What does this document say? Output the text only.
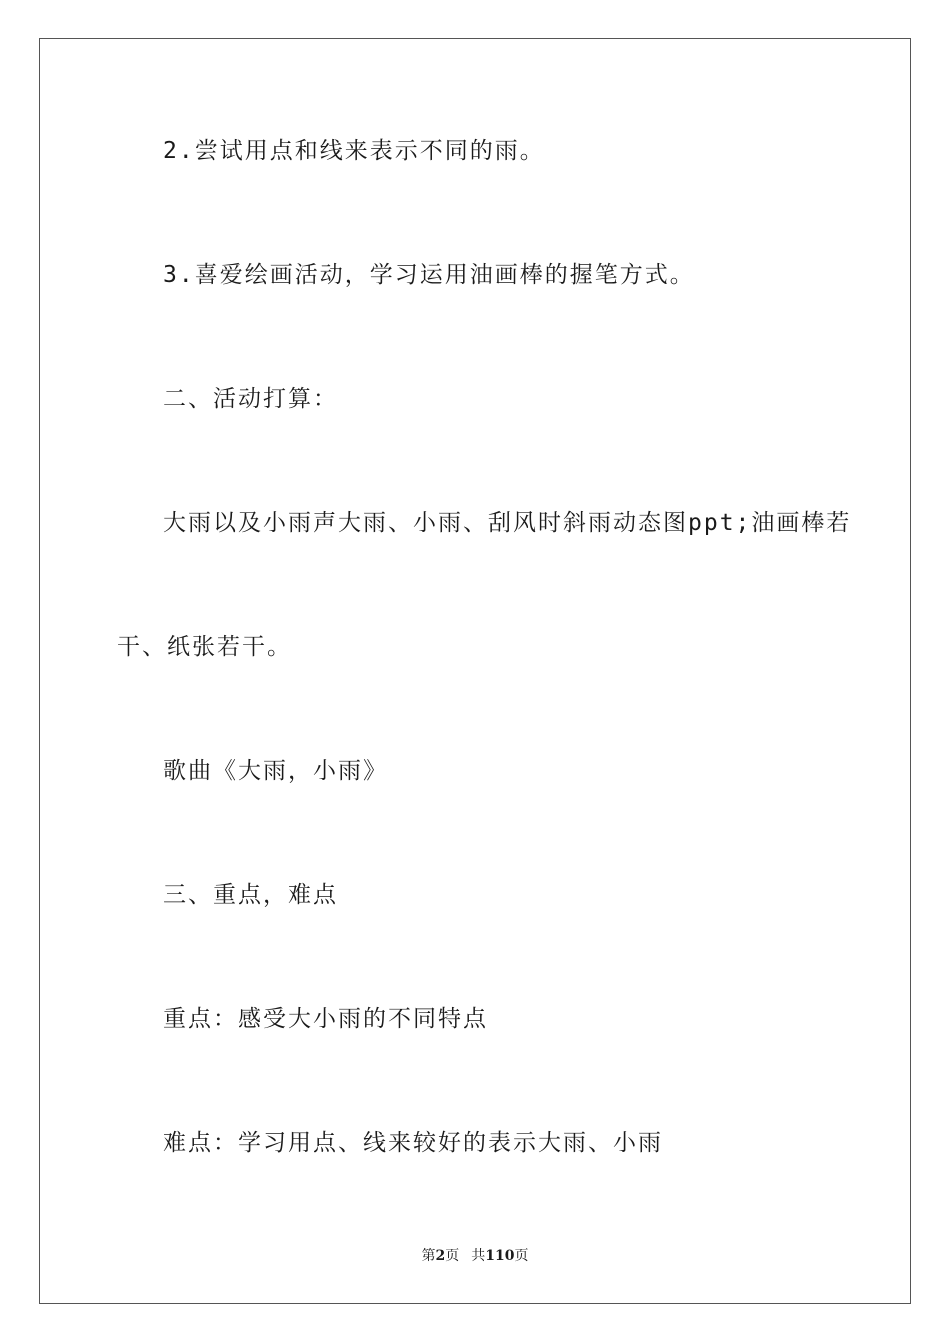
2.尝试用点和线来表示不同的雨。
3.喜爱绘画活动，学习运用油画棒的握笔方式。
二、活动打算：
大雨以及小雨声大雨、小雨、刮风时斜雨动态图ppt;油画棒若
干、纸张若干。
歌曲《大雨，小雨》
三、重点，难点
重点：感受大小雨的不同特点
难点：学习用点、线来较好的表示大雨、小雨
第2页 共110页
